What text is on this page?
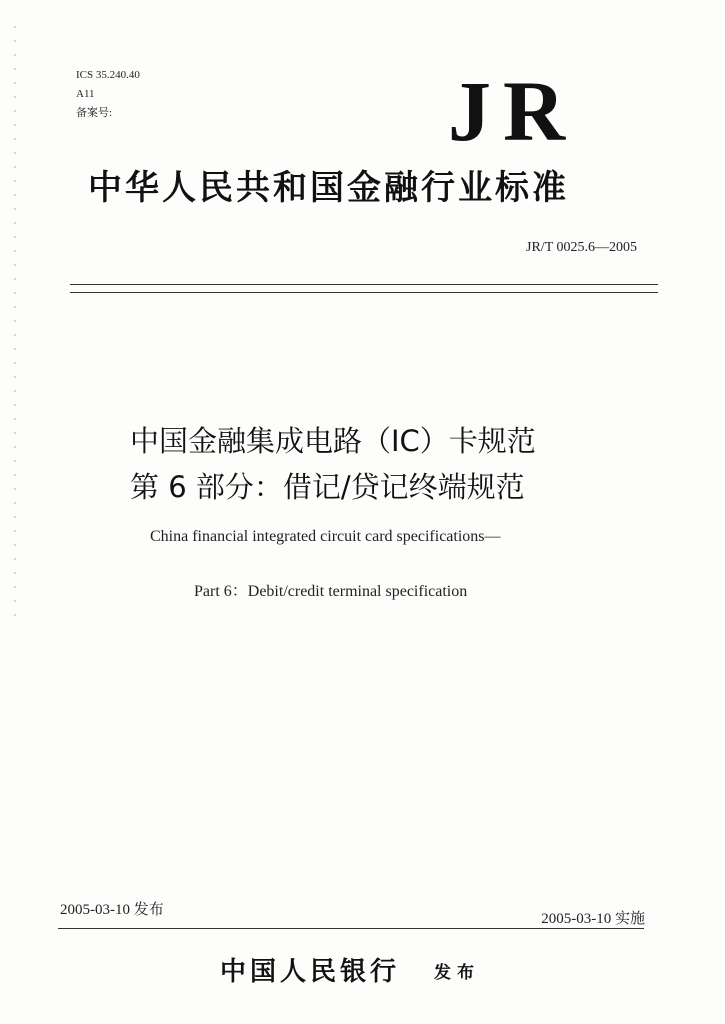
ICS 35.240.40
A11
备案号:	JR
中华人民共和国金融行业标准
JR/T 0025.6—2005
中国金融集成电路（IC）卡规范
第 6 部分：借记/贷记终端规范
China financial integrated circuit card specifications—
Part 6：Debit/credit terminal specification
2005-03-10 发布
2005-03-10 实施
中国人民银行 发布
